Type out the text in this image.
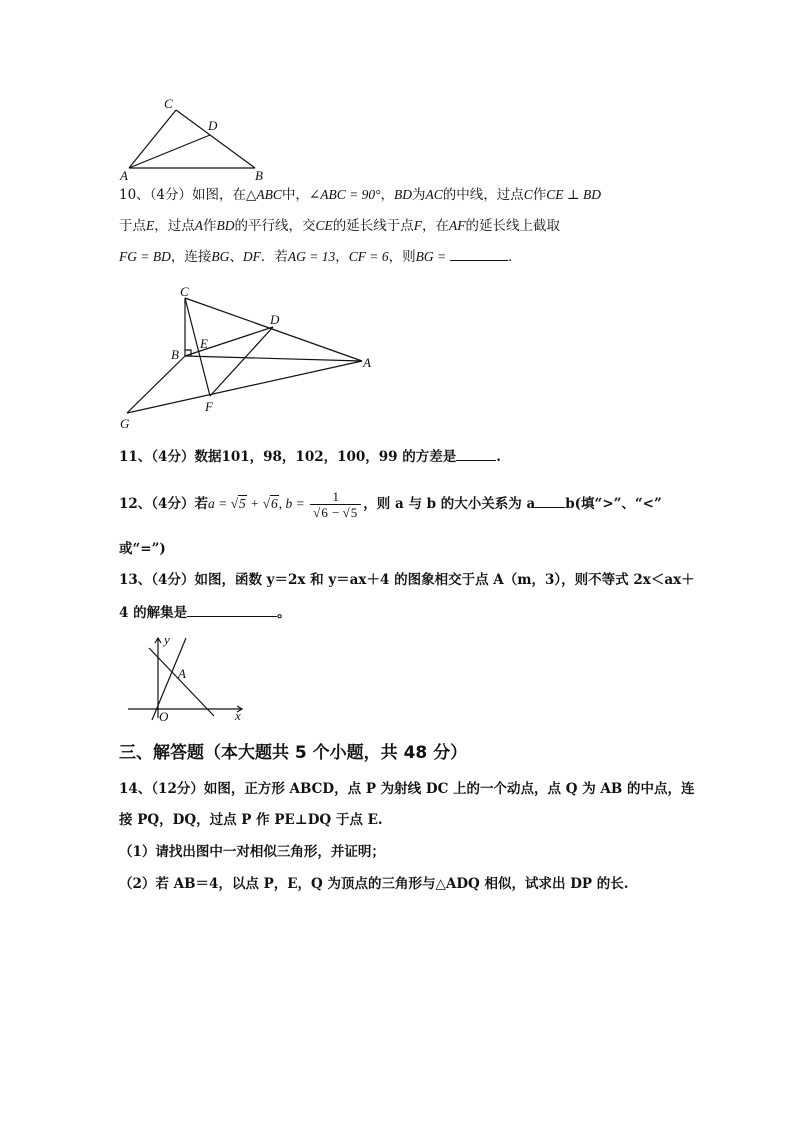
C
D
A	B
10、（4分）如图，在△ABC中，∠ABC = 90°，BD为AC的中线，过点C作CE ⊥ BD
于点E，过点A作BD的平行线，交CE的延长线于点F，在AF的延长线上截取
FG = BD，连接BG、DF．若AG = 13，CF = 6，则BG =	．
C
D
B
E
A
F
G
11、（4分）数据101，98，102，100，99 的方差是	.
12、（4分）若a = √5 + √6, $b = \frac{1}{√6 - √5}$ ，则 a 与 b 的大小关系为 a b(填“>”、“<”
或“=”)
13、（4分）如图，函数 y＝2x 和 y＝ax＋4 的图象相交于点 A（m，3），则不等式 2x＜ax＋
4 的解集是	。
y
x
A
O
三、解答题（本大题共 5 个小题，共 48 分）
14、（12分）如图，正方形 ABCD，点 P 为射线 DC 上的一个动点，点 Q 为 AB 的中点，连
接 PQ，DQ，过点 P 作 PE⊥DQ 于点 E.
（1）请找出图中一对相似三角形，并证明；
（2）若 AB＝4，以点 P，E，Q 为顶点的三角形与△ADQ 相似，试求出 DP 的长.
